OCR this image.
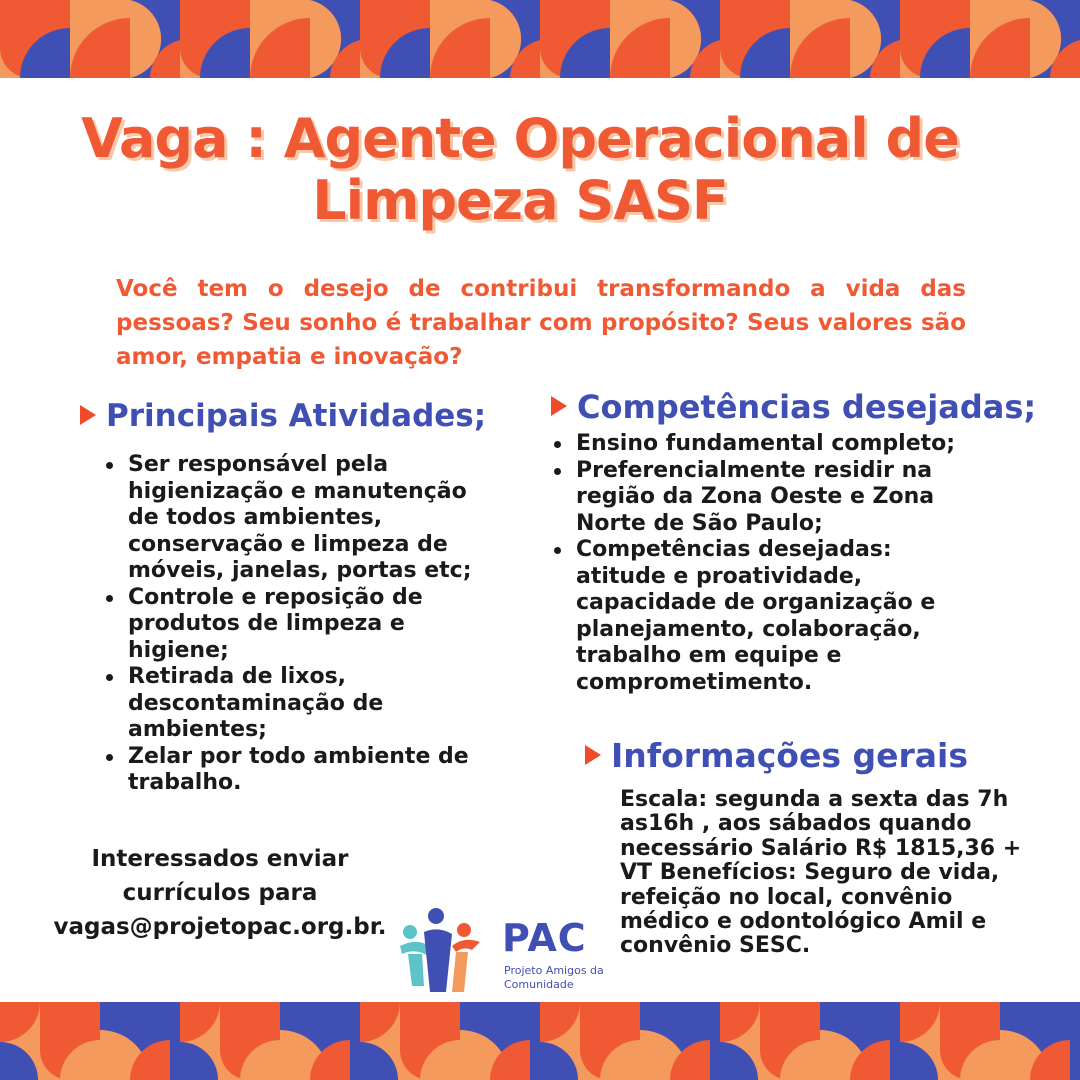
Vaga : Agente Operacional de Limpeza SASF

Você tem o desejo de contribui transformando a vida das pessoas? Seu sonho é trabalhar com propósito? Seus valores são amor, empatia e inovação?

Principais Atividades;
Ser responsável pela higienização e manutenção de todos ambientes, conservação e limpeza de móveis, janelas, portas etc;
Controle e reposição de produtos de limpeza e higiene;
Retirada de lixos, descontaminação de ambientes;
Zelar por todo ambiente de trabalho.
Competências desejadas;
Ensino fundamental completo;
Preferencialmente residir na região da Zona Oeste e Zona Norte de São Paulo;
Competências desejadas: atitude e proatividade, capacidade de organização e planejamento, colaboração, trabalho em equipe e comprometimento.
Informações gerais

Escala: segunda a sexta das 7h as16h , aos sábados quando necessário Salário R$ 1815,36 + VT Benefícios: Seguro de vida, refeição no local, convênio médico e odontológico Amil e convênio SESC.

Interessados enviar currículos para vagas@projetopac.org.br.	PAC
Projeto Amigos da Comunidade
